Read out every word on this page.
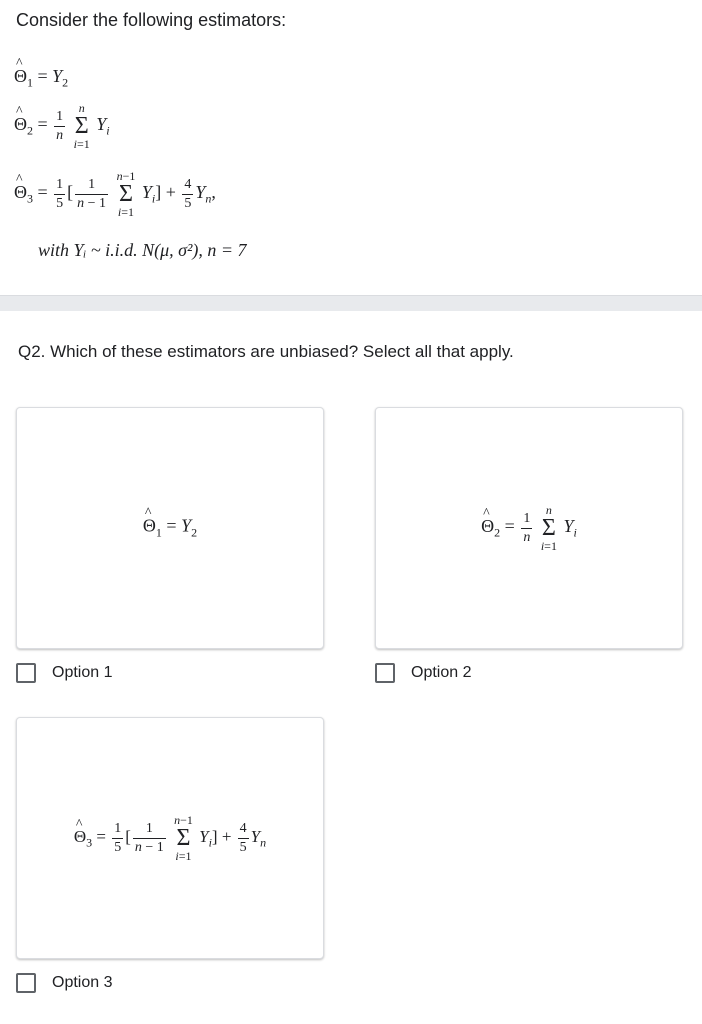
Consider the following estimators:
^ $\Theta_1 = Y_2$
^ $\Theta_2 = \frac{1}{n}$

n
Σ
i=1
$Y_i$
^ $\Theta_3 = \frac{1}{5}$ [ $\frac{1}{n - 1}$

n−1
Σ
i=1
$Y_i] + \frac{4}{5} Y_n$,
with Yᵢ ~ i.i.d. N(μ, σ²), n = 7
Q2. Which of these estimators are unbiased? Select all that apply.
^ $\Theta_1 = Y_2$
Option 1
^ $\Theta_2 = \frac{1}{n}$

n
Σ
i=1
$Y_i$
Option 2
^ $\Theta_3 = \frac{1}{5}$ [ $\frac{1}{n - 1}$

n−1
Σ
i=1
$Y_i] + \frac{4}{5} Y_n$
Option 3
